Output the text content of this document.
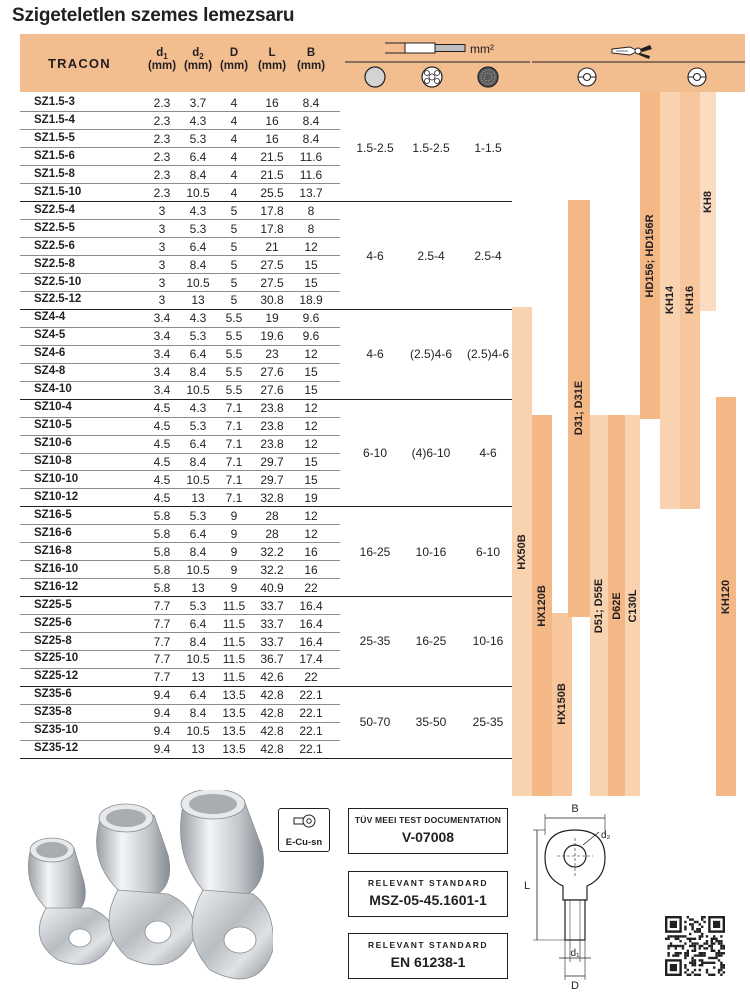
Szigeteletlen szemes lemezsaru
HX50B
HX120B
HX150B
D31; D31E
D51; D55E D62E C130L
HD156; HD156R
KH14 KH16
KH8
KH120
TRACON
$d_1$
(mm)
$d_2$
(mm)
D
(mm)
L
(mm)
B
(mm)
mm²
SZ1.5-3	2.3	3.7	4	16	8.4
SZ1.5-4	2.3	4.3	4	16	8.4
SZ1.5-5	2.3	5.3	4	16	8.4
SZ1.5-6	2.3	6.4	4	21.5	11.6
SZ1.5-8	2.3	8.4	4	21.5	11.6
SZ1.5-10	2.3	10.5	4	25.5	13.7
SZ2.5-4	3	4.3	5	17.8	8
SZ2.5-5	3	5.3	5	17.8	8
SZ2.5-6	3	6.4	5	21	12
SZ2.5-8	3	8.4	5	27.5	15
SZ2.5-10	3	10.5	5	27.5	15
SZ2.5-12	3	13	5	30.8	18.9
SZ4-4	3.4	4.3	5.5	19	9.6
SZ4-5	3.4	5.3	5.5	19.6	9.6
SZ4-6	3.4	6.4	5.5	23	12
SZ4-8	3.4	8.4	5.5	27.6	15
SZ4-10	3.4	10.5	5.5	27.6	15
SZ10-4	4.5	4.3	7.1	23.8	12
SZ10-5	4.5	5.3	7.1	23.8	12
SZ10-6	4.5	6.4	7.1	23.8	12
SZ10-8	4.5	8.4	7.1	29.7	15
SZ10-10	4.5	10.5	7.1	29.7	15
SZ10-12	4.5	13	7.1	32.8	19
SZ16-5	5.8	5.3	9	28	12
SZ16-6	5.8	6.4	9	28	12
SZ16-8	5.8	8.4	9	32.2	16
SZ16-10	5.8	10.5	9	32.2	16
SZ16-12	5.8	13	9	40.9	22
SZ25-5	7.7	5.3	11.5	33.7	16.4
SZ25-6	7.7	6.4	11.5	33.7	16.4
SZ25-8	7.7	8.4	11.5	33.7	16.4
SZ25-10	7.7	10.5	11.5	36.7	17.4
SZ25-12	7.7	13	11.5	42.6	22
SZ35-6	9.4	6.4	13.5	42.8	22.1
SZ35-8	9.4	8.4	13.5	42.8	22.1
SZ35-10	9.4	10.5	13.5	42.8	22.1
SZ35-12	9.4	13	13.5	42.8	22.1
1.5-2.5	1.5-2.5	1-1.5
4-6	2.5-4	2.5-4
4-6	(2.5)4-6	(2.5)4-6
6-10	(4)6-10	4-6
16-25	10-16	6-10
25-35	16-25	10-16
50-70	35-50	25-35
E-Cu-sn
TÜV MEEI TEST DOCUMENTATION
V-07008
RELEVANT STANDARD
MSZ-05-45.1601-1
RELEVANT STANDARD
EN 61238-1
B
L
d₂
d₁
D
